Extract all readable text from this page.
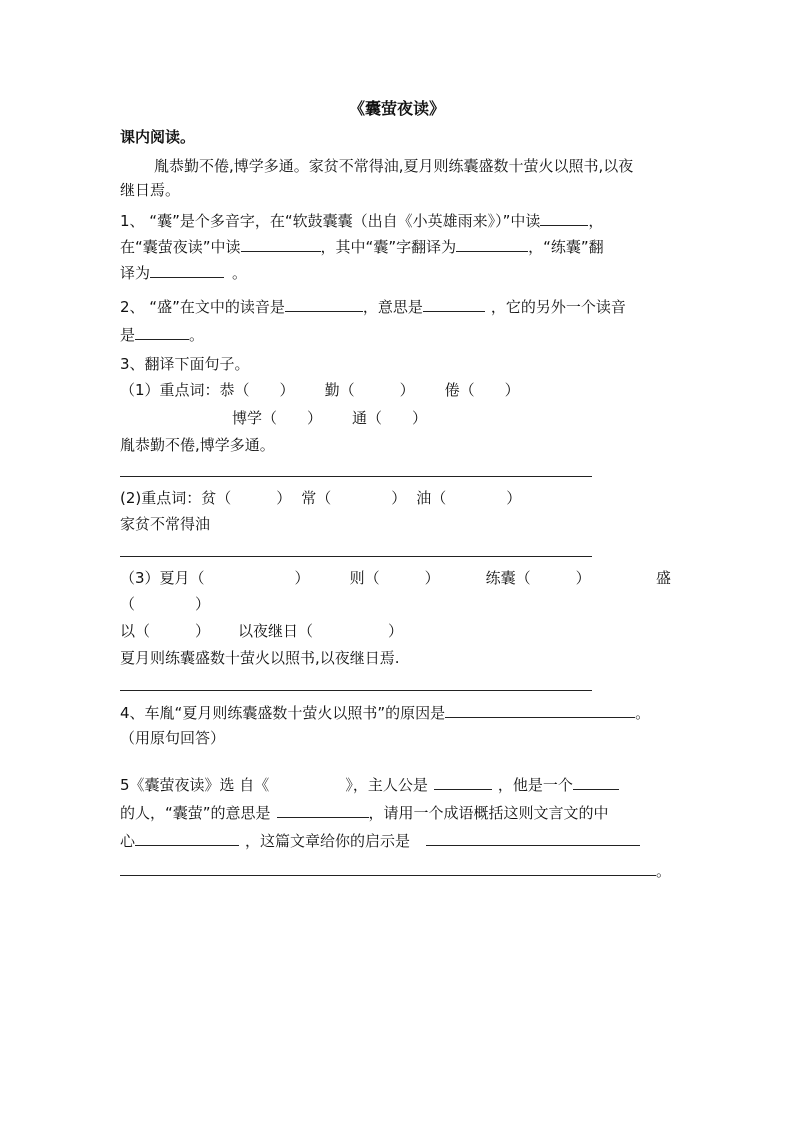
《囊萤夜读》
课内阅读。
胤恭勤不倦,博学多通。家贫不常得油,夏月则练囊盛数十萤火以照书,以夜
继日焉。
1、 “囊”是个多音字，在“软鼓囊囊（出自《小英雄雨来》）”中读	，
在“囊萤夜读”中读	，其中“囊”字翻译为	，“练囊”翻
译为	。
2、 “盛”在文中的读音是	，意思是	，它的另外一个读音
是	。
3、翻译下面句子。
（1）重点词：恭（　　） 勤（　　　） 倦（　　）
博学（　　） 通（　　）
胤恭勤不倦,博学多通。
(2)重点词：贫（　　　） 常（　　　　） 油（　　　　）
家贫不常得油
（3）夏月（　　　　　　）	则（　　　）	练囊（　　　）	盛
（　　　　）
以（　　　） 以夜继日（　　　　　）
夏月则练囊盛数十萤火以照书,以夜继日焉.
4、车胤“夏月则练囊盛数十萤火以照书”的原因是	。
（用原句回答）
5《囊萤夜读》选 自《	》，主人公是	，他是一个
的人，“囊萤”的意思是	，请用一个成语概括这则文言文的中
心	，这篇文章给你的启示是
。
